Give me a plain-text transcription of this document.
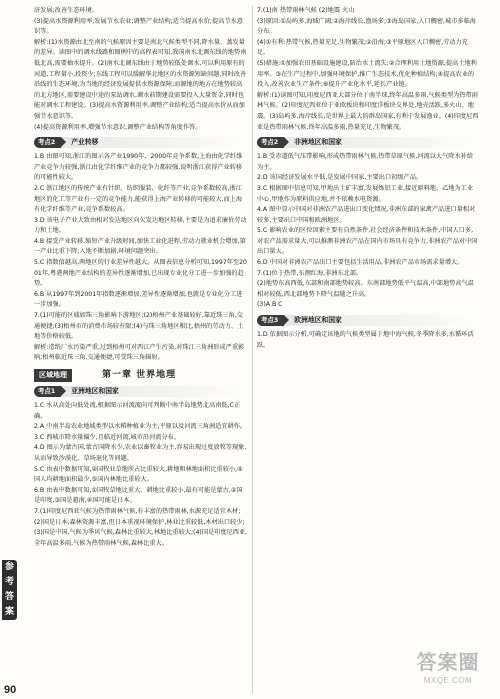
济发展;改善生态环境。

(3)提高水资源利用率;发展节水农业;调整产业结构;适当提高水价;提高节水意识等。

解析:(1)水资源由北至南的气候原因主要是南北气候类型不同,降水量、蒸发量的差异。读图中的调水线路和图例中的高程表可知,我国南水北调东线的地势南低北高,需要抽水提升。(2)南水北调东线由于地势较低处调水,可以利用原有的河道,工程量小,投资少;东线工程可以缓解华北地区的水资源短缺问题,同时改善沿线的生态环境,为当地的经济发展提供水资源保障;而源地的地方在地势较高的北方地区,需要建设中途的泵站调水,调水前期建设需要投入大量资金,同时也能对调水工程建设。(3)提高水资源利用率,调整产业结构;适当提高水价从而加强节水意识等。

(4)提高资源利用率,增强节水意识,调整产业结构等角度作答。

考点2	产业转移

1.B 由图可知,浙江的图示各产业1990年、2000年竞争系数,上海由化学纤维产业竞争力较强,浙江由化学纤维产业的竞争力都较强,说明浙江获得产业转移的可能性较大。

2.C 浙江地区的传统产业有针织、纺织服装、化纤等产业,竞争系数较高,浙江地区的化工等产业有一定的竞争能力,能获得上海产业转移的可能较大,而上海有化学纤维等产业,竞争系数较高。

3.D 该电子产业大致由相对发达地区向欠发达地区转移,主要是为追求廉价劳动力和土地。

4.B 接受产业转移,缩短产业升级时间,加快工业化进程,劳动力就业机会增加,第一产业比重下降;入地不断加剧,环境问题突出。

5.C 指数值越高,两地区的行业差异性越大。从图表信息分析可知,1997年至2001年,粤港两地产业结构的差异性逐渐增加,已出现专业化分工进一步加强的趋势。

6.B 从1997年到2001年指数逐渐增加,差异性逐渐增加,也就是专业化分工进一步加强。

7.(1)可能的区域如珠三角影响下游地区;(2)梧州产业基础较好,靠近珠三角,交通便捷;(3)梧州市的消费市场较有限;(4)与珠三角地区相比,梧州的劳动力、土地等价格较低。

解析:造纸厂水污染严重,过到梧州可对西江产生污染,对珠江三角洲形成严重影响;梧州临近珠三角,交通便捷,可受珠三角辐射。

区域地理	第一章 世界地理
考点1	亚洲地区和国家

1.C 水从高处向低处流,根据图示河流流向可判断中南半岛地势北高南低,C正确。

2.A 中南半岛农业地域类型以水稻种植业为主,平原以及河流三角洲适宜耕作。

3.C 西城市降水量偏少,且临近河流,城市沿河流分布。

4.D 图示为蒙古国,蒙古国降水少,农业以畜牧业为主,容易出现过度放牧等现象,从而导致沙漠化、草场退化等问题。

5.C 由表中数据可知,②国牧业草地所占比重较大,耕地和林地面积比重较小,④国人均耕地面积最少,⑤国内林地比重较大。

6.B 由表中数据可知,①国牧草地比重大、耕地比重较小,最有可能是蒙古,②国是印度,③国是越南,④国可能是日本。

7.(1)印度尼西亚气候为热带雨林气候,有丰富的热带雨林,水源充足适宜木材;(2)国是日本,森林资源丰富,但日本重视环境保护,林业比重较低,木材出口较少;(3)国是中国,气候为季风气候,森林比重较大,林地比重较大;(4)国是印度尼西亚,全年高温多雨,气候为热带雨林气候,森林比重大。

7.(1)南 热带雨林气候 (2)地震 火山

(3)原因:①岛屿多,海域广阔;②海岸线长,渔场多;③海岛国家,人口稠密,城市多临海分布。

(4)①有利:热带气候,热量充足,生物繁茂;②沿海;③平原地区人口稠密,劳动力充足。

(5)措施:①加强农田基础设施建设,防治水土流失;②合理利用土地资源,提高土地利用率。③在生产过程中,加强环境保护,推广生态技术,优化种植结构;④提高农业的投入,改善农业生产条件;⑥提升产业化水平,延长产业链。

解析:(1)读图可知,印度尼西亚大部分位于南半球,终年高温多雨,气候类型为热带雨林气候。(2)印度尼西亚位于亚欧板块和印度洋板块交界处,地壳活跃,多火山、地震。(3)岛屿多,海岸线长,是世界上最大的群岛国家,有利于发展渔业。(4)印度尼西亚是热带雨林气候,终年高温多雨,热量充足,生物繁茂。

考点2	非洲地区和国家

1.B 受赤道低气压带影响,形成热带雨林气候,热带草原气候,河流以大气降水补给为主。

2.D 该国经济发展水平低,是发展中国家,主要出口初级产品。

3.C 根据图中信息可知,甲地出土矿丰富,发展炼铝工业,接近原料地。乙地为工业中心,甲地作为原料供应地,并不依赖水电资源。

4.A 图中显示中国对非洲农产品进出口变化情况,非洲东部的家禽产品进口量相对较多,主要出口中国和欧洲地区。

5.C 影响农业的区位因素主要有自然条件,社会经济条件和技术条件,中国人口多,对农产品需求量大,可以推测非洲农产品在国内市场具有竞争力,非洲农产品对中国出口量大。

6.D 中国对非洲农产品出口主要包括生活用品,非洲农产品市场需求量增大。

7.(1)位于热带,东测红海,非洲东北部。

(2)地势东高西低,东部和南部地势较高。东南部地势低平气温高,中部地势高气温相对较低,西北部地势下降气温随之升高。

(3)A B C

考点3	欧洲地区和国家

1.D 依据图示分析,可确定该地的气候类型属于地中海气候,冬季降水多,水循环活跃。

参考答案
90
答案圈
MXQE.COM
